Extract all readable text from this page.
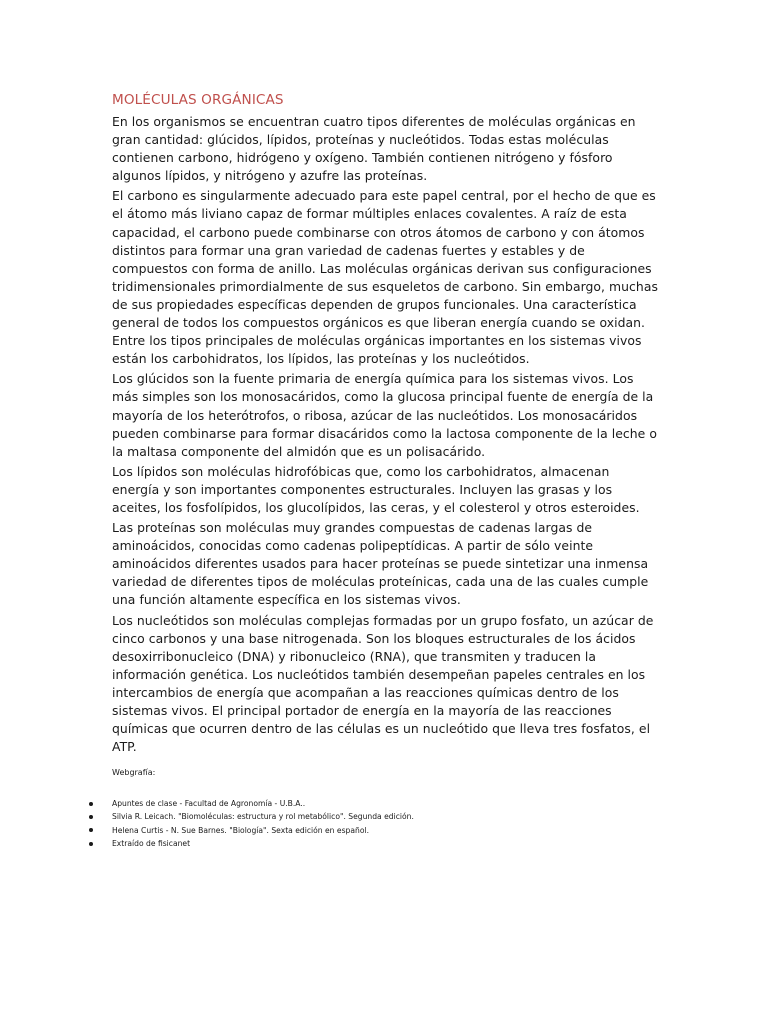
MOLÉCULAS ORGÁNICAS

En los organismos se encuentran cuatro tipos diferentes de moléculas orgánicas en gran cantidad: glúcidos, lípidos, proteínas y nucleótidos. Todas estas moléculas contienen carbono, hidrógeno y oxígeno. También contienen nitrógeno y fósforo algunos lípidos, y nitrógeno y azufre las proteínas.

El carbono es singularmente adecuado para este papel central, por el hecho de que es el átomo más liviano capaz de formar múltiples enlaces covalentes. A raíz de esta capacidad, el carbono puede combinarse con otros átomos de carbono y con átomos distintos para formar una gran variedad de cadenas fuertes y estables y de compuestos con forma de anillo. Las moléculas orgánicas derivan sus configuraciones tridimensionales primordialmente de sus esqueletos de carbono. Sin embargo, muchas de sus propiedades específicas dependen de grupos funcionales. Una característica general de todos los compuestos orgánicos es que liberan energía cuando se oxidan. Entre los tipos principales de moléculas orgánicas importantes en los sistemas vivos están los carbohidratos, los lípidos, las proteínas y los nucleótidos.

Los glúcidos son la fuente primaria de energía química para los sistemas vivos. Los más simples son los monosacáridos, como la glucosa principal fuente de energía de la mayoría de los heterótrofos, o ribosa, azúcar de las nucleótidos. Los monosacáridos pueden combinarse para formar disacáridos como la lactosa componente de la leche o la maltasa componente del almidón que es un polisacárido.

Los lípidos son moléculas hidrofóbicas que, como los carbohidratos, almacenan energía y son importantes componentes estructurales. Incluyen las grasas y los aceites, los fosfolípidos, los glucolípidos, las ceras, y el colesterol y otros esteroides.

Las proteínas son moléculas muy grandes compuestas de cadenas largas de aminoácidos, conocidas como cadenas polipeptídicas. A partir de sólo veinte aminoácidos diferentes usados para hacer proteínas se puede sintetizar una inmensa variedad de diferentes tipos de moléculas proteínicas, cada una de las cuales cumple una función altamente específica en los sistemas vivos.

Los nucleótidos son moléculas complejas formadas por un grupo fosfato, un azúcar de cinco carbonos y una base nitrogenada. Son los bloques estructurales de los ácidos desoxirribonucleico (DNA) y ribonucleico (RNA), que transmiten y traducen la información genética. Los nucleótidos también desempeñan papeles centrales en los intercambios de energía que acompañan a las reacciones químicas dentro de los sistemas vivos. El principal portador de energía en la mayoría de las reacciones químicas que ocurren dentro de las células es un nucleótido que lleva tres fosfatos, el ATP.

Webgrafía:

Apuntes de clase - Facultad de Agronomía - U.B.A..
Silvia R. Leicach. "Biomoléculas: estructura y rol metabólico". Segunda edición.
Helena Curtis - N. Sue Barnes. "Biología". Sexta edición en español.
Extraído de fisicanet
